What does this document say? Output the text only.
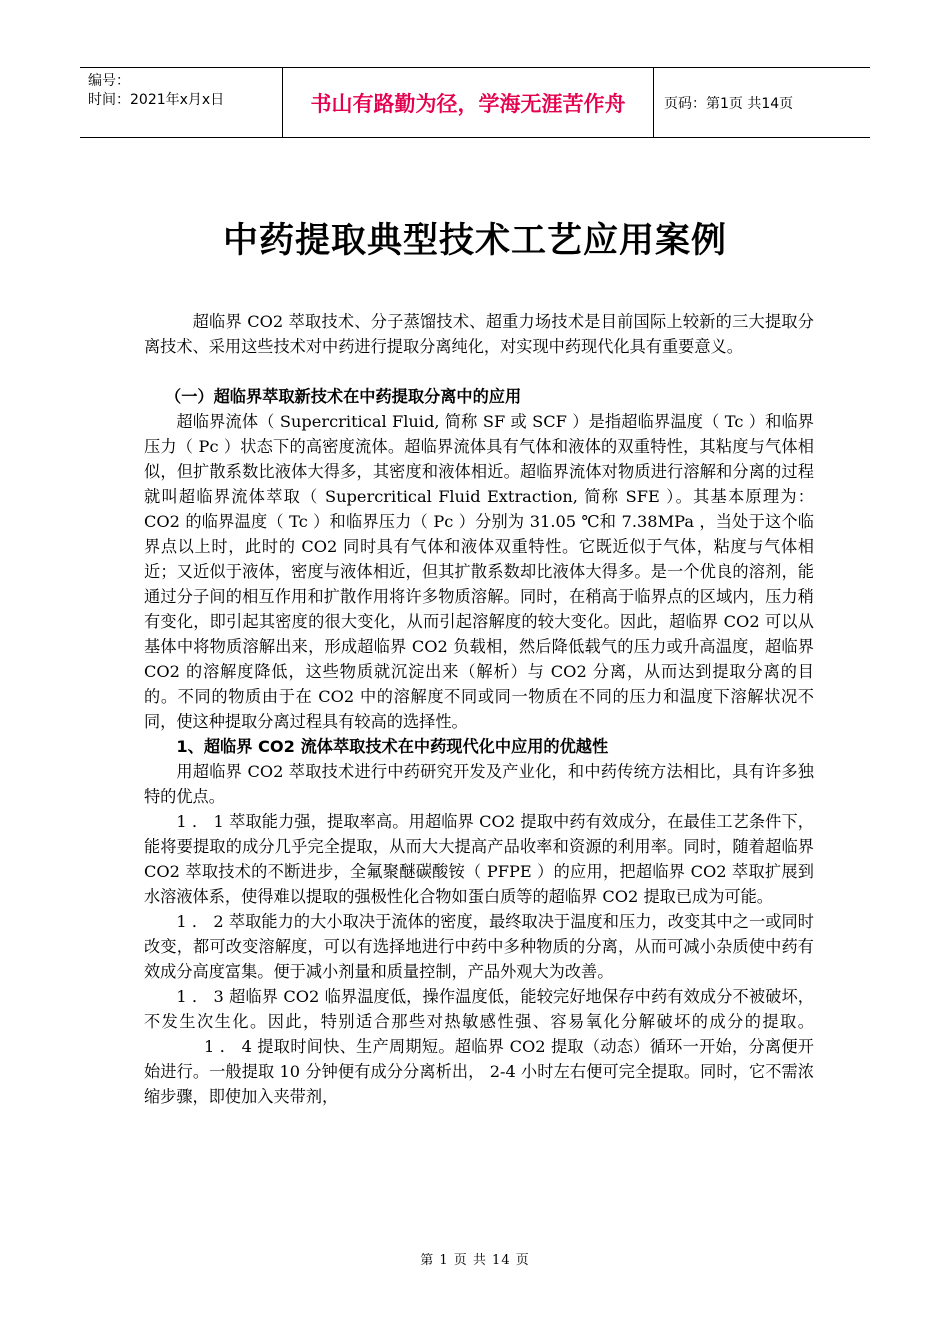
编号：
时间：2021年x月x日	书山有路勤为径，学海无涯苦作舟	页码：第1页 共14页
中药提取典型技术工艺应用案例

超临界 CO2 萃取技术、分子蒸馏技术、超重力场技术是目前国际上较新的三大提取分离技术、采用这些技术对中药进行提取分离纯化，对实现中药现代化具有重要意义。

（一）超临界萃取新技术在中药提取分离中的应用

超临界流体（ Supercritical Fluid, 简称 SF 或 SCF ）是指超临界温度（ Tc ）和临界压力（ Pc ）状态下的高密度流体。超临界流体具有气体和液体的双重特性，其粘度与气体相似，但扩散系数比液体大得多，其密度和液体相近。超临界流体对物质进行溶解和分离的过程就叫超临界流体萃取（ Supercritical Fluid Extraction, 简称 SFE ）。其基本原理为： CO2 的临界温度（ Tc ）和临界压力（ Pc ）分别为 31.05 ℃和 7.38MPa ，当处于这个临界点以上时，此时的 CO2 同时具有气体和液体双重特性。它既近似于气体，粘度与气体相近；又近似于液体，密度与液体相近，但其扩散系数却比液体大得多。是一个优良的溶剂，能通过分子间的相互作用和扩散作用将许多物质溶解。同时，在稍高于临界点的区域内，压力稍有变化，即引起其密度的很大变化，从而引起溶解度的较大变化。因此，超临界 CO2 可以从基体中将物质溶解出来，形成超临界 CO2 负载相，然后降低载气的压力或升高温度，超临界 CO2 的溶解度降低，这些物质就沉淀出来（解析）与 CO2 分离，从而达到提取分离的目的。不同的物质由于在 CO2 中的溶解度不同或同一物质在不同的压力和温度下溶解状况不同，使这种提取分离过程具有较高的选择性。

1、超临界 CO2 流体萃取技术在中药现代化中应用的优越性

用超临界 CO2 萃取技术进行中药研究开发及产业化，和中药传统方法相比，具有许多独特的优点。

1 ． 1 萃取能力强，提取率高。用超临界 CO2 提取中药有效成分，在最佳工艺条件下，能将要提取的成分几乎完全提取，从而大大提高产品收率和资源的利用率。同时，随着超临界 CO2 萃取技术的不断进步，全氟聚醚碳酸铵（ PFPE ）的应用，把超临界 CO2 萃取扩展到水溶液体系，使得难以提取的强极性化合物如蛋白质等的超临界 CO2 提取已成为可能。

1 ． 2 萃取能力的大小取决于流体的密度，最终取决于温度和压力，改变其中之一或同时改变，都可改变溶解度，可以有选择地进行中药中多种物质的分离，从而可减小杂质使中药有效成分高度富集。便于减小剂量和质量控制，产品外观大为改善。

1 ． 3 超临界 CO2 临界温度低，操作温度低，能较完好地保存中药有效成分不被破坏，不发生次生化。因此，特别适合那些对热敏感性强、容易氧化分解破坏的成分的提取。1 ． 4 提取时间快、生产周期短。超临界 CO2 提取（动态）循环一开始，分离便开始进行。一般提取 10 分钟便有成分分离析出， 2-4 小时左右便可完全提取。同时，它不需浓缩步骤，即使加入夹带剂，

第 1 页 共 14 页
